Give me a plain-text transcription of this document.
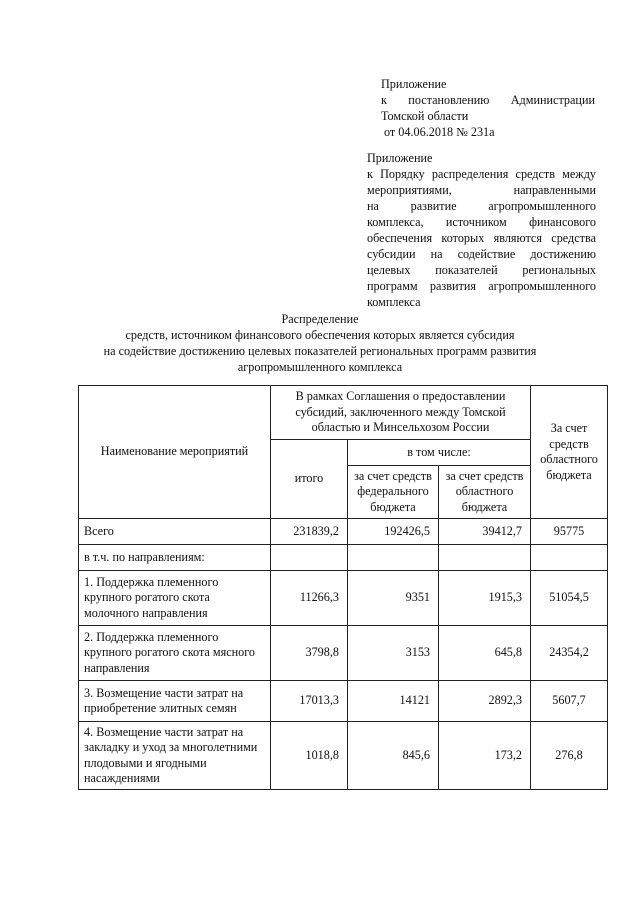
Приложение
к постановлению Администрации
Томской области
от 04.06.2018 № 231а
Приложение
к Порядку распределения средств между
мероприятиями, направленными
на развитие агропромышленного
комплекса, источником финансового
обеспечения которых являются средства
субсидии на содействие достижению
целевых показателей региональных
программ развития агропромышленного
комплекса
Распределение
средств, источником финансового обеспечения которых является субсидия
на содействие достижению целевых показателей региональных программ развития
агропромышленного комплекса
Наименование мероприятий	В рамках Соглашения о предоставлении субсидий, заключенного между Томской областью и Минсельхозом России			За счет средств областного бюджета
	итого	в том числе:		
		за счет средств федерального бюджета	за счет средств областного бюджета	
Всего	231839,2	192426,5	39412,7	95775
в т.ч. по направлениям:				
1. Поддержка племенного крупного рогатого скота молочного направления	11266,3	9351	1915,3	51054,5
2. Поддержка племенного крупного рогатого скота мясного направления	3798,8	3153	645,8	24354,2
3. Возмещение части затрат на приобретение элитных семян	17013,3	14121	2892,3	5607,7
4. Возмещение части затрат на закладку и уход за многолетними плодовыми и ягодными насаждениями	1018,8	845,6	173,2	276,8
